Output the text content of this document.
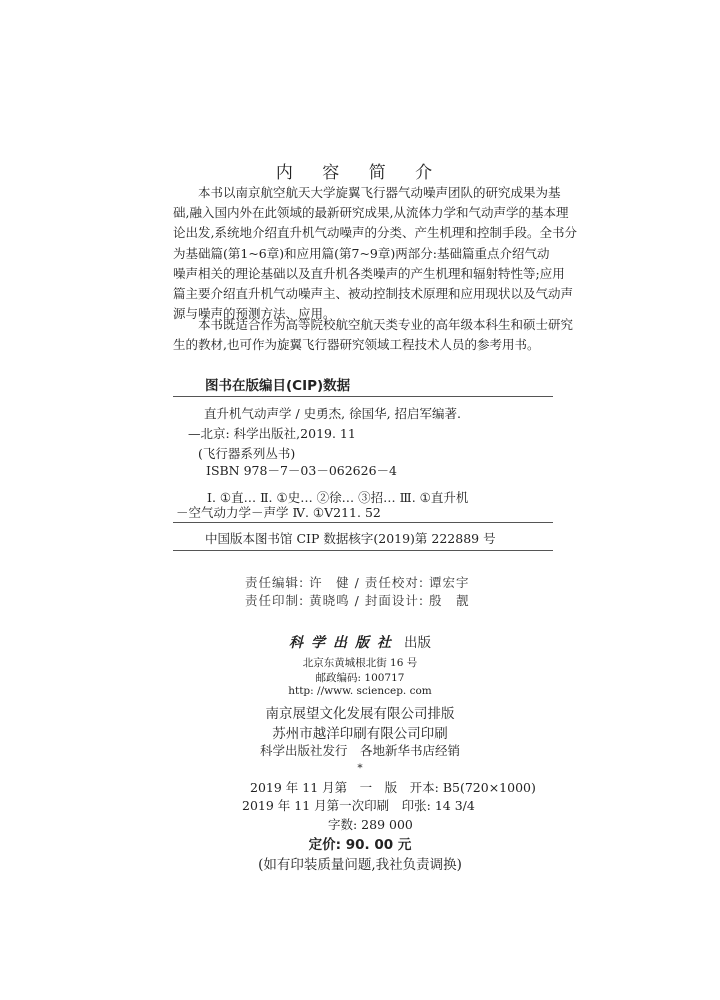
内 容 简 介
　　本书以南京航空航天大学旋翼飞行器气动噪声团队的研究成果为基
础,融入国内外在此领域的最新研究成果,从流体力学和气动声学的基本理
论出发,系统地介绍直升机气动噪声的分类、产生机理和控制手段。全书分
为基础篇(第1~6章)和应用篇(第7~9章)两部分:基础篇重点介绍气动
噪声相关的理论基础以及直升机各类噪声的产生机理和辐射特性等;应用
篇主要介绍直升机气动噪声主、被动控制技术原理和应用现状以及气动声
源与噪声的预测方法、应用。
　　本书既适合作为高等院校航空航天类专业的高年级本科生和硕士研究
生的教材,也可作为旋翼飞行器研究领域工程技术人员的参考用书。
图书在版编目(CIP)数据
直升机气动声学 / 史勇杰, 徐国华, 招启军编著.
—北京: 科学出版社,2019. 11
(飞行器系列丛书)
ISBN 978－7－03－062626－4
Ⅰ. ①直… Ⅱ. ①史… ②徐… ③招… Ⅲ. ①直升机
－空气动力学－声学 Ⅳ. ①V211. 52
中国版本图书馆 CIP 数据核字(2019)第 222889 号
责任编辑: 许　健 / 责任校对: 谭宏宇
责任印制: 黄晓鸣 / 封面设计: 殷　靓
科学出版社 出版
北京东黄城根北街 16 号
邮政编码: 100717
http: //www. sciencep. com
南京展望文化发展有限公司排版
苏州市越洋印刷有限公司印刷
科学出版社发行　各地新华书店经销
*
2019 年 11 月第　一　版　开本: B5(720×1000)
2019 年 11 月第一次印刷　印张: 14 3/4
字数: 289 000
定价: 90. 00 元
(如有印装质量问题,我社负责调换)
